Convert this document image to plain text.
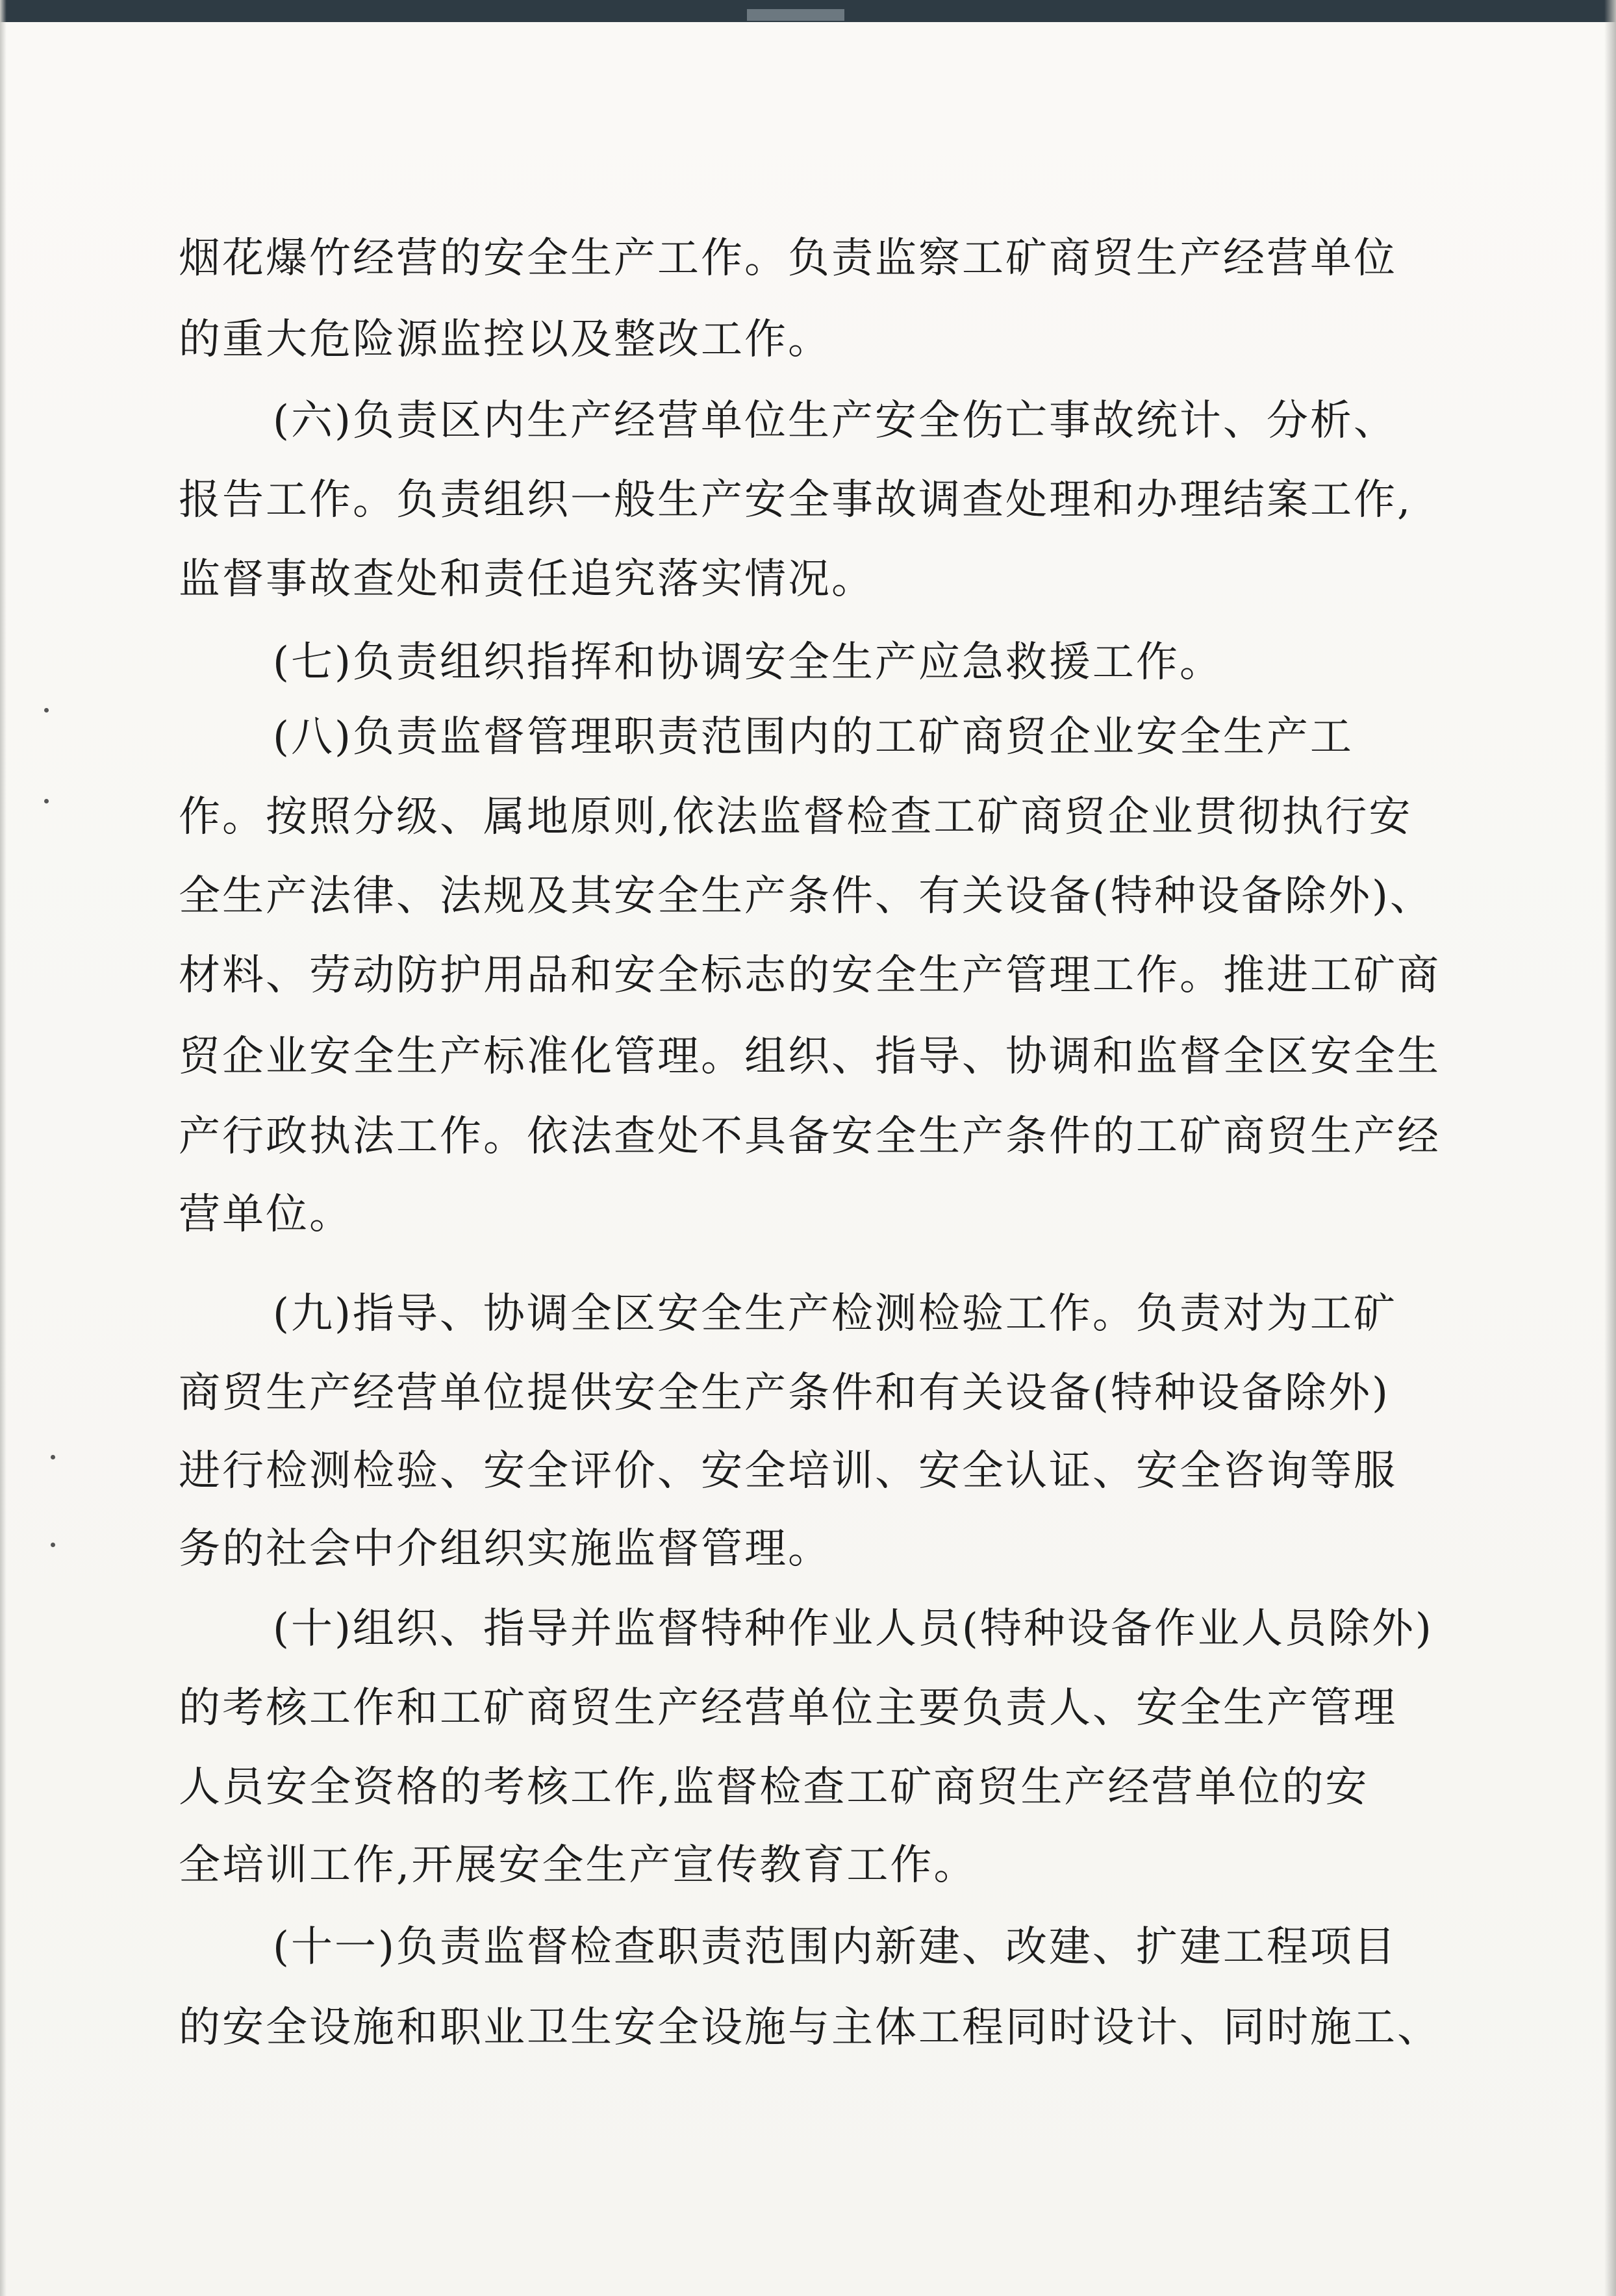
烟花爆竹经营的安全生产工作。负责监察工矿商贸生产经营单位
的重大危险源监控以及整改工作。
(六)负责区内生产经营单位生产安全伤亡事故统计、分析、
报告工作。负责组织一般生产安全事故调查处理和办理结案工作,
监督事故查处和责任追究落实情况。
(七)负责组织指挥和协调安全生产应急救援工作。
(八)负责监督管理职责范围内的工矿商贸企业安全生产工
作。按照分级、属地原则,依法监督检查工矿商贸企业贯彻执行安
全生产法律、法规及其安全生产条件、有关设备(特种设备除外)、
材料、劳动防护用品和安全标志的安全生产管理工作。推进工矿商
贸企业安全生产标准化管理。组织、指导、协调和监督全区安全生
产行政执法工作。依法查处不具备安全生产条件的工矿商贸生产经
营单位。
(九)指导、协调全区安全生产检测检验工作。负责对为工矿
商贸生产经营单位提供安全生产条件和有关设备(特种设备除外)
进行检测检验、安全评价、安全培训、安全认证、安全咨询等服
务的社会中介组织实施监督管理。
(十)组织、指导并监督特种作业人员(特种设备作业人员除外)
的考核工作和工矿商贸生产经营单位主要负责人、安全生产管理
人员安全资格的考核工作,监督检查工矿商贸生产经营单位的安
全培训工作,开展安全生产宣传教育工作。
(十一)负责监督检查职责范围内新建、改建、扩建工程项目
的安全设施和职业卫生安全设施与主体工程同时设计、同时施工、
